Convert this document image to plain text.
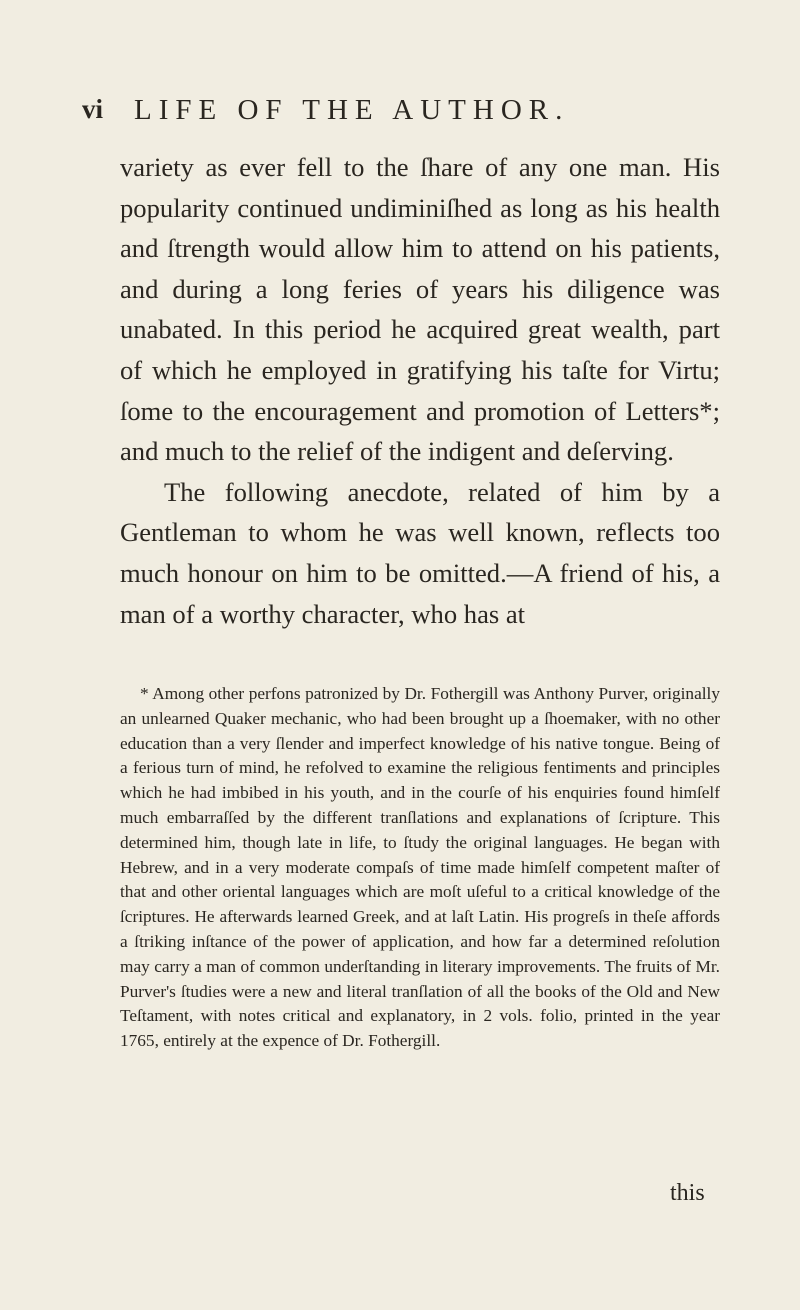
vi LIFE OF THE AUTHOR.

variety as ever fell to the ſhare of any one man. His popularity continued undiminiſhed as long as his health and ſtrength would allow him to attend on his patients, and during a long feries of years his diligence was unabated. In this period he acquired great wealth, part of which he employed in gratifying his taſte for Virtu; ſome to the encouragement and promotion of Letters*; and much to the relief of the indigent and deſerving.

The following anecdote, related of him by a Gentleman to whom he was well known, reflects too much honour on him to be omitted.—A friend of his, a man of a worthy character, who has at

* Among other perfons patronized by Dr. Fothergill was Anthony Purver, originally an unlearned Quaker mechanic, who had been brought up a ſhoemaker, with no other education than a very ſlender and imperfect knowledge of his native tongue. Being of a ferious turn of mind, he refolved to examine the religious fentiments and principles which he had imbibed in his youth, and in the courſe of his enquiries found himſelf much embarraſſed by the different tranſlations and explanations of ſcripture. This determined him, though late in life, to ſtudy the original languages. He began with Hebrew, and in a very moderate compaſs of time made himſelf competent maſter of that and other oriental languages which are moſt uſeful to a critical knowledge of the ſcriptures. He afterwards learned Greek, and at laſt Latin. His progreſs in theſe affords a ſtriking inſtance of the power of application, and how far a determined reſolution may carry a man of common underſtanding in literary improvements. The fruits of Mr. Purver's ſtudies were a new and literal tranſlation of all the books of the Old and New Teſtament, with notes critical and explanatory, in 2 vols. folio, printed in the year 1765, entirely at the expence of Dr. Fothergill.

this
